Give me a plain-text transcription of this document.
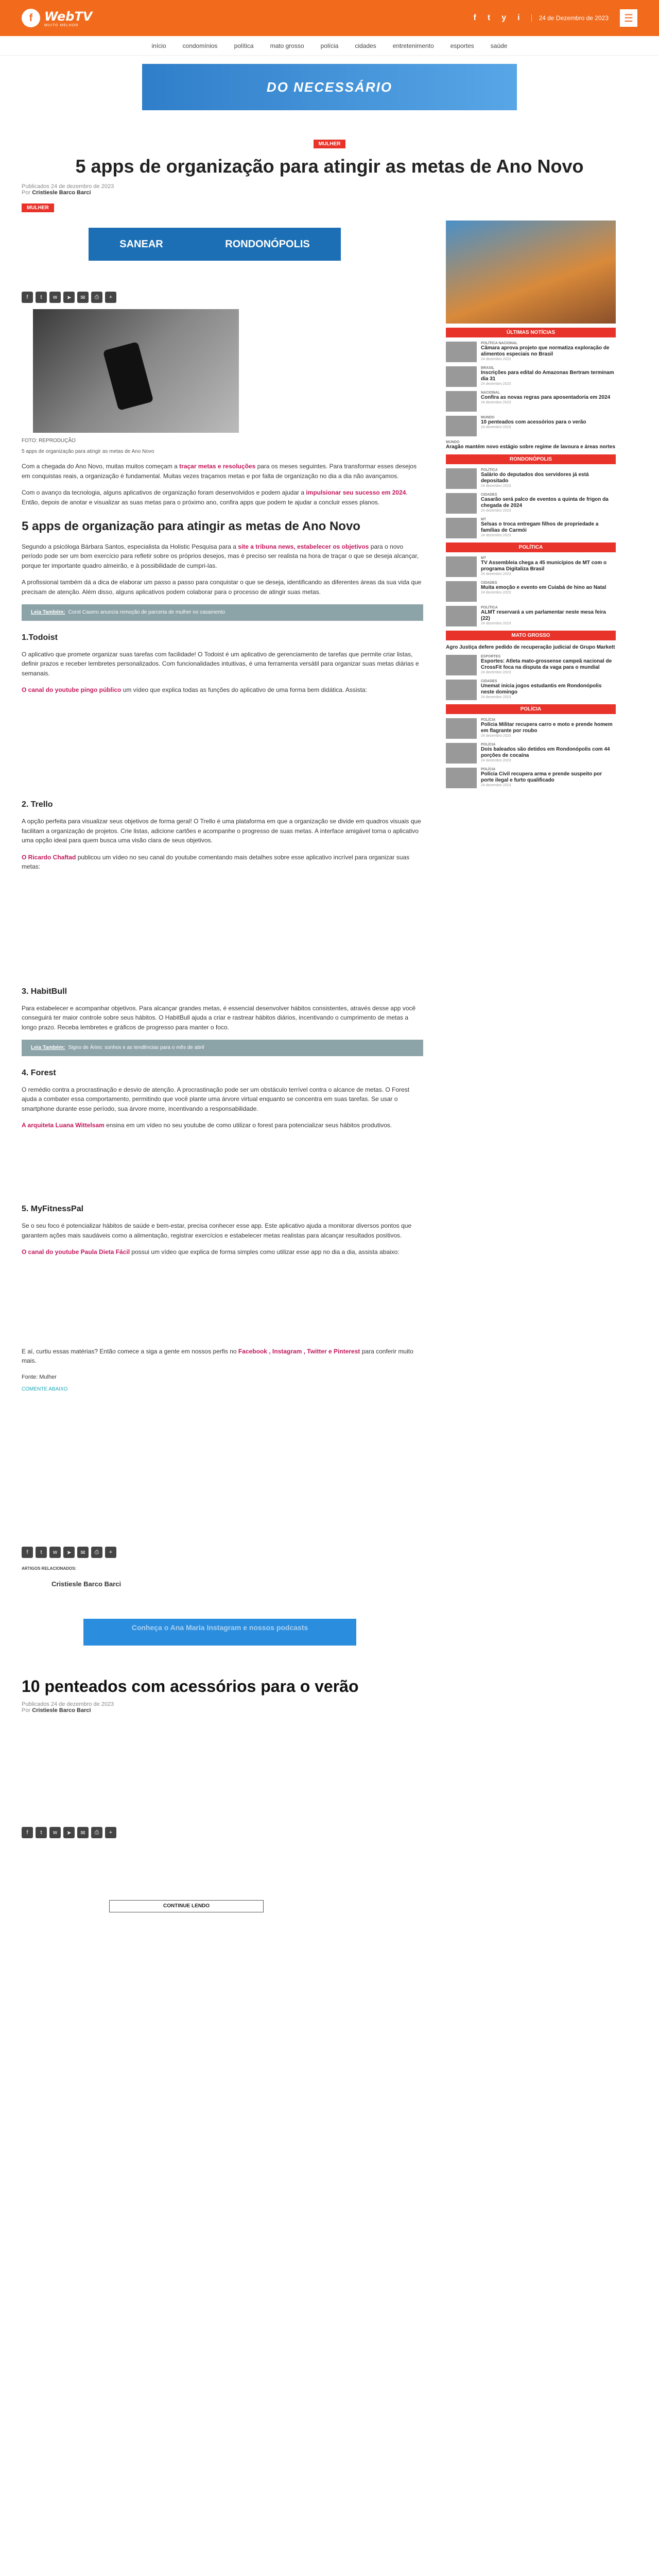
f WebTV
MUITO MELHOR
f t y i	24 de Dezembro de 2023	☰
início	condomínios	política	mato grosso	polícia	cidades	entretenimento	esportes	saúde
DO NECESSÁRIO
MULHER
5 apps de organização para atingir as metas de Ano Novo
Publicados 24 de dezembro de 2023
Por Cristiesle Barco Barci
MULHER
SANEAR	RONDONÓPOLIS
f	t	w	➤	✉	⎙	+
FOTO: REPRODUÇÃO
5 apps de organização para atingir as metas de Ano Novo

Com a chegada do Ano Novo, muitas muitos começam a traçar metas e resoluções para os meses seguintes. Para transformar esses desejos em conquistas reais, a organização é fundamental. Muitas vezes traçamos metas e por falta de organização no dia a dia não avançamos.

Com o avanço da tecnologia, alguns aplicativos de organização foram desenvolvidos e podem ajudar a impulsionar seu sucesso em 2024. Então, depois de anotar e visualizar as suas metas para o próximo ano, confira apps que podem te ajudar a concluir esses planos.

5 apps de organização para atingir as metas de Ano Novo

Segundo a psicóloga Bárbara Santos, especialista da Holistic Pesquisa para a site a tribuna news, estabelecer os objetivos para o novo período pode ser um bom exercício para refletir sobre os próprios desejos, mas é preciso ser realista na hora de traçar o que se deseja alcançar, porque ter importante quadro almeirão, e à possibilidade de cumpri-las.

A profissional também dá a dica de elaborar um passo a passo para conquistar o que se deseja, identificando as diferentes áreas da sua vida que precisam de atenção. Além disso, alguns aplicativos podem colaborar para o processo de atingir suas metas.

Leia Também: Corot Casero anuncia remoção de parceria de mulher no casamento
1.Todoist

O aplicativo que promete organizar suas tarefas com facilidade! O Todoist é um aplicativo de gerenciamento de tarefas que permite criar listas, definir prazos e receber lembretes personalizados. Com funcionalidades intuitivas, é uma ferramenta versátil para organizar suas metas diárias e semanais.

O canal do youtube pingo público um vídeo que explica todas as funções do aplicativo de uma forma bem didática. Assista:

2. Trello

A opção perfeita para visualizar seus objetivos de forma geral! O Trello é uma plataforma em que a organização se divide em quadros visuais que facilitam a organização de projetos. Crie listas, adicione cartões e acompanhe o progresso de suas metas. A interface amigável torna o aplicativo uma opção ideal para quem busca uma visão clara de seus objetivos.

O Ricardo Chaftad publicou um vídeo no seu canal do youtube comentando mais detalhes sobre esse aplicativo incrível para organizar suas metas:

3. HabitBull

Para estabelecer e acompanhar objetivos. Para alcançar grandes metas, é essencial desenvolver hábitos consistentes, através desse app você conseguirá ter maior controle sobre seus hábitos. O HabitBull ajuda a criar e rastrear hábitos diários, incentivando o cumprimento de metas a longo prazo. Receba lembretes e gráficos de progresso para manter o foco.

Leia Também: Signo de Áries: sonhos e as tendências para o mês de abril
4. Forest

O remédio contra a procrastinação e desvio de atenção. A procrastinação pode ser um obstáculo terrível contra o alcance de metas. O Forest ajuda a combater essa comportamento, permitindo que você plante uma árvore virtual enquanto se concentra em suas tarefas. Se usar o smartphone durante esse período, sua árvore morre, incentivando a responsabilidade.

A arquiteta Luana Wittelsam ensina em um vídeo no seu youtube de como utilizar o forest para potencializar seus hábitos produtivos.

5. MyFitnessPal

Se o seu foco é potencializar hábitos de saúde e bem-estar, precisa conhecer esse app. Este aplicativo ajuda a monitorar diversos pontos que garantem ações mais saudáveis como a alimentação, registrar exercícios e estabelecer metas realistas para alcançar resultados positivos.

O canal do youtube Paula Dieta Fácil possui um vídeo que explica de forma simples como utilizar esse app no dia a dia, assista abaixo:

E aí, curtiu essas matérias? Então comece a siga a gente em nossos perfis no Facebook , Instagram , Twitter e Pinterest para conferir muito mais.

Fonte: Mulher
COMENTE ABAIXO
f	t	w	➤	✉	⎙	+
ARTIGOS RELACIONADOS:
Cristiesle Barco Barci
Conheça o Ana Maria Instagram e nossos podcasts
10 penteados com acessórios para o verão
Publicados 24 de dezembro de 2023
Por Cristiesle Barco Barci
f	t	w	➤	✉	⎙	+
CONTINUE LENDO
ÚLTIMAS NOTÍCIAS
POLÍTICA NACIONAL
Câmara aprova projeto que normatiza exploração de alimentos especiais no Brasil
24 dezembro 2023
BRASIL
Inscrições para edital do Amazonas Bertram terminam dia 31
24 dezembro 2023
NACIONAL
Confira as novas regras para aposentadoria em 2024
24 dezembro 2023
MUNDO
10 penteados com acessórios para o verão
24 dezembro 2023
MUNDO
Aragão mantém novo estágio sobre regime de lavoura e áreas nortes
RONDONÓPOLIS
POLÍTICA
Salário do deputados dos servidores já está depositado
24 dezembro 2023
CIDADES
Casarão será palco de eventos a quinta de frigon da chegada de 2024
24 dezembro 2023
MT
Selsas o troca entregam filhos de propriedade a famílias de Carmói
24 dezembro 2023
POLÍTICA
MT
TV Assembleia chega a 45 municípios de MT com o programa Digitaliza Brasil
24 dezembro 2023
CIDADES
Muita emoção e evento em Cuiabá de hino ao Natal
24 dezembro 2023
POLÍTICA
ALMT reservará a um parlamentar neste mesa feira (22)
24 dezembro 2023
MATO GROSSO
Agro Justiça defere pedido de recuperação judicial de Grupo Markett
ESPORTES
Esportes: Atleta mato-grossense campeã nacional de CrossFit foca na disputa da vaga para o mundial
24 dezembro 2023
CIDADES
Unemat inicia jogos estudantis em Rondonópolis neste domingo
24 dezembro 2023
POLÍCIA
POLÍCIA
Polícia Militar recupera carro e moto e prende homem em flagrante por roubo
24 dezembro 2023
POLÍCIA
Dois baleados são detidos em Rondonópolis com 44 porções de cocaína
24 dezembro 2023
POLÍCIA
Polícia Civil recupera arma e prende suspeito por porte ilegal e furto qualificado
24 dezembro 2023
